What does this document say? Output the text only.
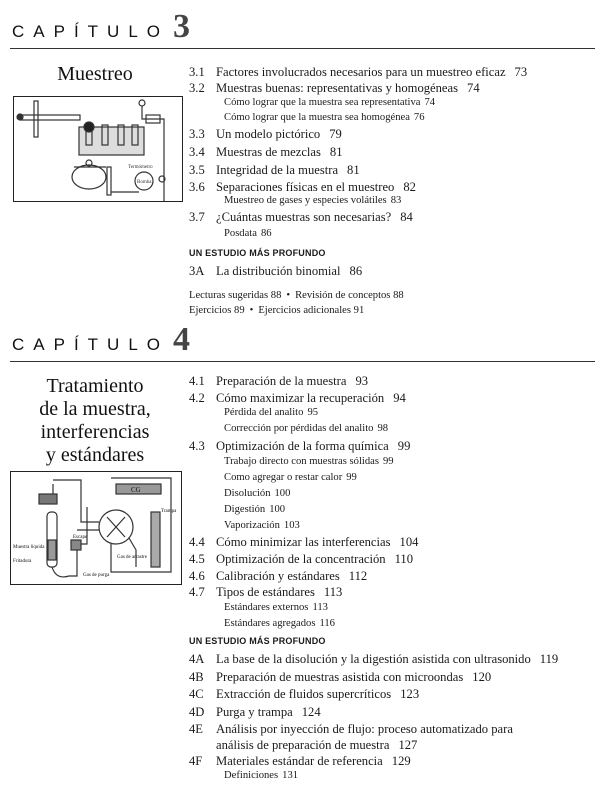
CAPÍTULO 3
Muestreo
Termómetro
Bomba
3.1 Factores involucrados necesarios para un muestreo eficaz 73
3.2 Muestras buenas: representativas y homogéneas 74
Cómo lograr que la muestra sea representativa 74
Cómo lograr que la muestra sea homogénea 76
3.3 Un modelo pictórico 79
3.4 Muestras de mezclas 81
3.5 Integridad de la muestra 81
3.6 Separaciones físicas en el muestreo 82
Muestreo de gases y especies volátiles 83
3.7 ¿Cuántas muestras son necesarias? 84
Posdata 86
UN ESTUDIO MÁS PROFUNDO
3A La distribución binomial 86
Lecturas sugeridas 88 • Revisión de conceptos 88
Ejercicios 89 • Ejercicios adicionales 91
CAPÍTULO 4
Tratamiento
de la muestra,
interferencias
y estándares
CG
Escape
Trampa
Gas de arrastre
Muestra líquida
Fritadura
Gas de purga
4.1 Preparación de la muestra 93
4.2 Cómo maximizar la recuperación 94
Pérdida del analito 95
Corrección por pérdidas del analito 98
4.3 Optimización de la forma química 99
Trabajo directo con muestras sólidas 99
Como agregar o restar calor 99
Disolución 100
Digestión 100
Vaporización 103
4.4 Cómo minimizar las interferencias 104
4.5 Optimización de la concentración 110
4.6 Calibración y estándares 112
4.7 Tipos de estándares 113
Estándares externos 113
Estándares agregados 116
UN ESTUDIO MÁS PROFUNDO
4A La base de la disolución y la digestión asistida con ultrasonido 119
4B Preparación de muestras asistida con microondas 120
4C Extracción de fluidos supercríticos 123
4D Purga y trampa 124
4E Análisis por inyección de flujo: proceso automatizado para
análisis de preparación de muestra 127
4F Materiales estándar de referencia 129
Definiciones 131
